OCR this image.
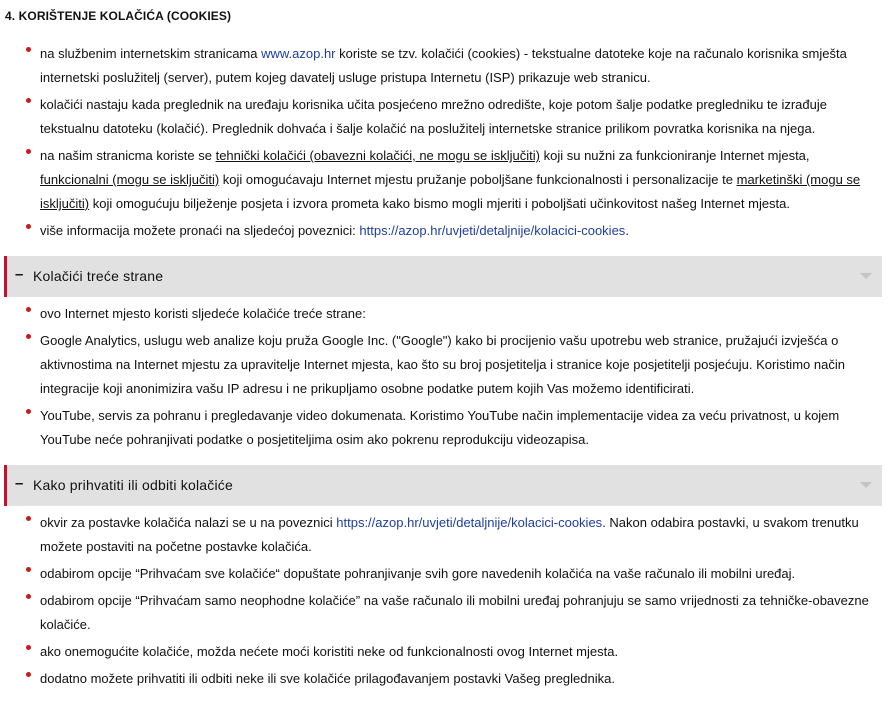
4. KORIŠTENJE KOLAČIĆA (COOKIES)
na službenim internetskim stranicama www.azop.hr koriste se tzv. kolačići (cookies) - tekstualne datoteke koje na računalo korisnika smješta internetski poslužitelj (server), putem kojeg davatelj usluge pristupa Internetu (ISP) prikazuje web stranicu.
kolačići nastaju kada preglednik na uređaju korisnika učita posjećeno mrežno odredište, koje potom šalje podatke pregledniku te izrađuje tekstualnu datoteku (kolačić). Preglednik dohvaća i šalje kolačić na poslužitelj internetske stranice prilikom povratka korisnika na njega.
na našim stranicma koriste se tehnički kolačići (obavezni kolačići, ne mogu se isključiti) koji su nužni za funkcioniranje Internet mjesta, funkcionalni (mogu se isključiti) koji omogućavaju Internet mjestu pružanje poboljšane funkcionalnosti i personalizacije te marketinški (mogu se isključiti) koji omogućuju bilježenje posjeta i izvora prometa kako bismo mogli mjeriti i poboljšati učinkovitost našeg Internet mjesta.
više informacija možete pronaći na sljedećoj poveznici: https://azop.hr/uvjeti/detaljnije/kolacici-cookies.
– Kolačići treće strane
ovo Internet mjesto koristi sljedeće kolačiće treće strane:
Google Analytics, uslugu web analize koju pruža Google Inc. ("Google") kako bi procijenio vašu upotrebu web stranice, pružajući izvješća o aktivnostima na Internet mjestu za upravitelje Internet mjesta, kao što su broj posjetitelja i stranice koje posjetitelji posjećuju. Koristimo način integracije koji anonimizira vašu IP adresu i ne prikupljamo osobne podatke putem kojih Vas možemo identificirati.
YouTube, servis za pohranu i pregledavanje video dokumenata. Koristimo YouTube način implementacije videa za veću privatnost, u kojem YouTube neće pohranjivati podatke o posjetiteljima osim ako pokrenu reprodukciju videozapisa.
– Kako prihvatiti ili odbiti kolačiće
okvir za postavke kolačića nalazi se u na poveznici https://azop.hr/uvjeti/detaljnije/kolacici-cookies. Nakon odabira postavki, u svakom trenutku možete postaviti na početne postavke kolačića.
odabirom opcije “Prihvaćam sve kolačiće“ dopuštate pohranjivanje svih gore navedenih kolačića na vaše računalo ili mobilni uređaj.
odabirom opcije “Prihvaćam samo neophodne kolačiće” na vaše računalo ili mobilni uređaj pohranjuju se samo vrijednosti za tehničke-obavezne kolačiće.
ako onemogućite kolačiće, možda nećete moći koristiti neke od funkcionalnosti ovog Internet mjesta.
dodatno možete prihvatiti ili odbiti neke ili sve kolačiće prilagođavanjem postavki Vašeg preglednika.
